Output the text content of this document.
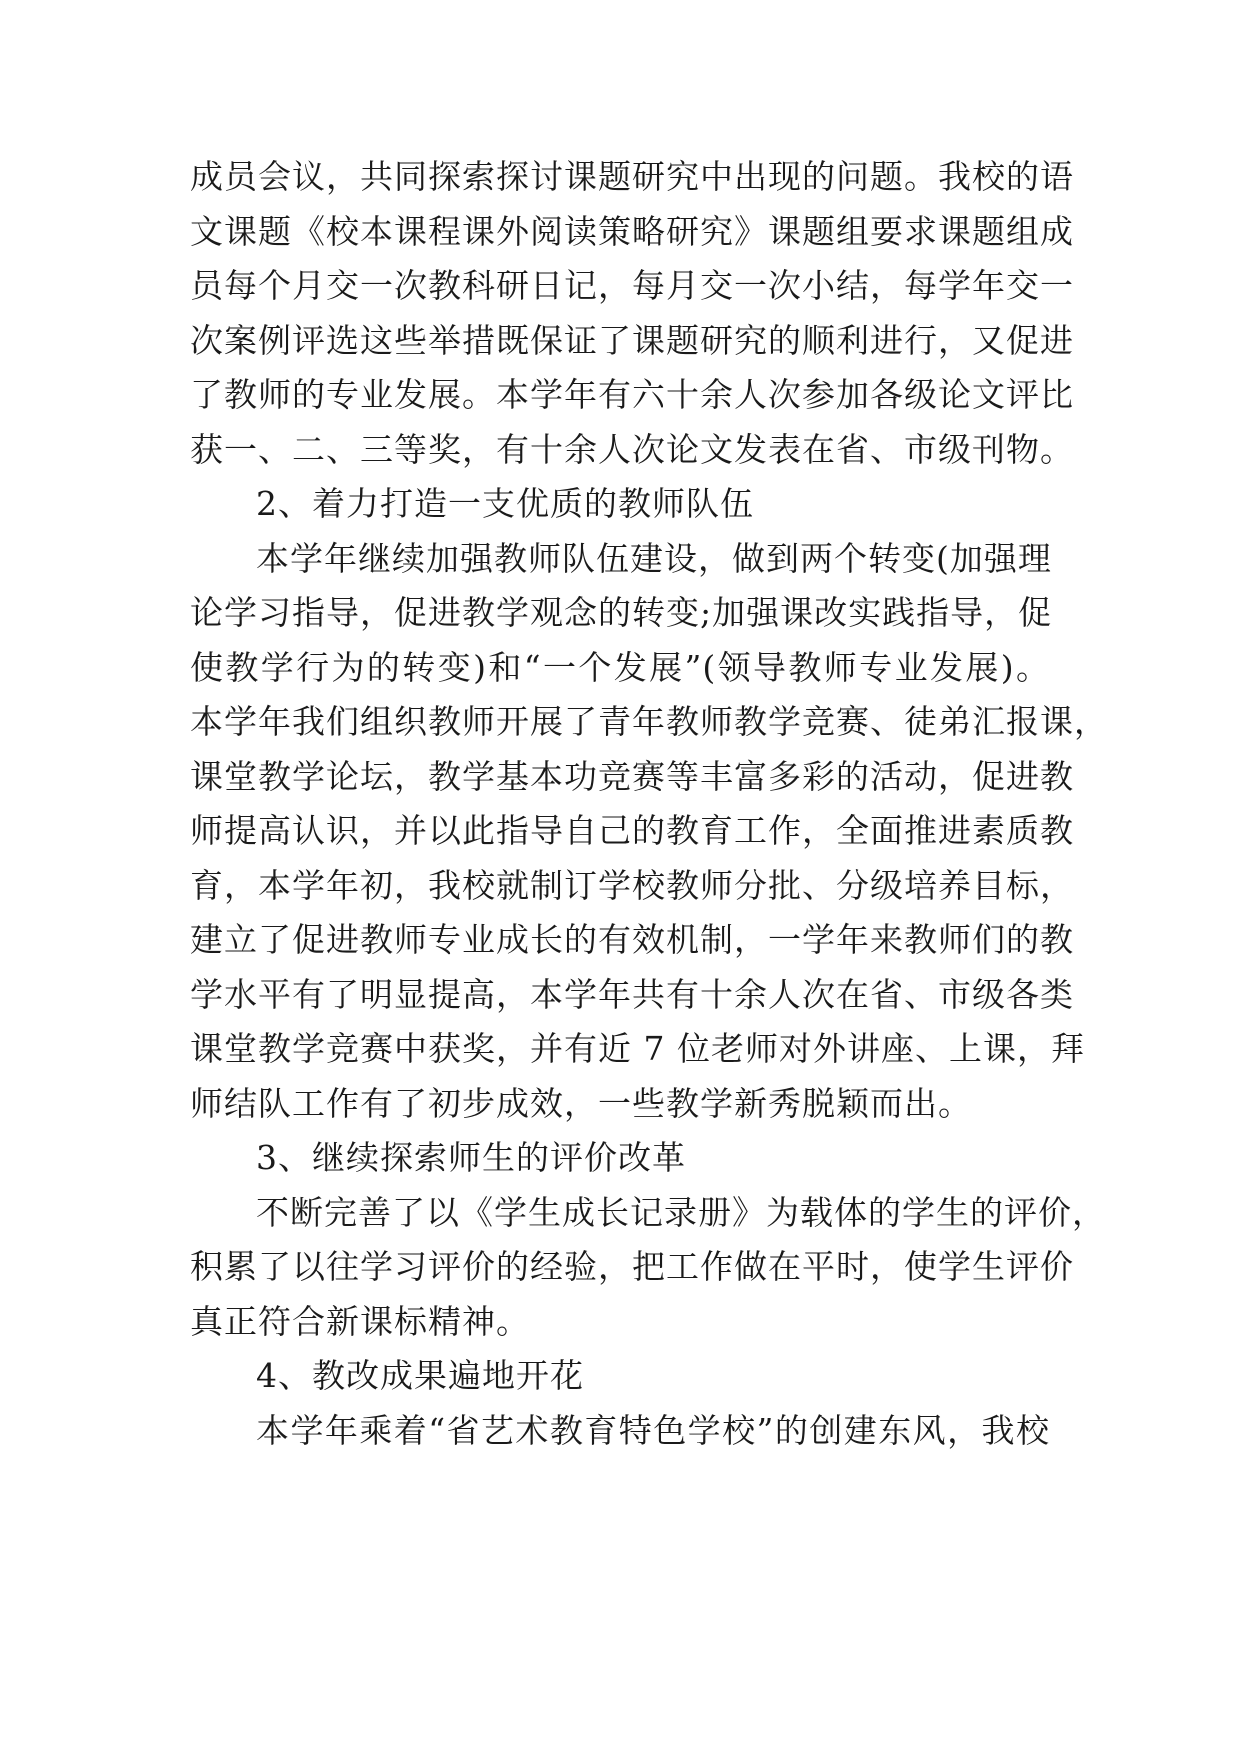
成员会议，共同探索探讨课题研究中出现的问题。我校的语
文课题《校本课程课外阅读策略研究》课题组要求课题组成
员每个月交一次教科研日记，每月交一次小结，每学年交一
次案例评选这些举措既保证了课题研究的顺利进行，又促进
了教师的专业发展。本学年有六十余人次参加各级论文评比
获一、二、三等奖，有十余人次论文发表在省、市级刊物。
2、着力打造一支优质的教师队伍
本学年继续加强教师队伍建设，做到两个转变(加强理
论学习指导，促进教学观念的转变;加强课改实践指导，促
使教学行为的转变)和“一个发展”(领导教师专业发展)。
本学年我们组织教师开展了青年教师教学竞赛、徒弟汇报课，
课堂教学论坛，教学基本功竞赛等丰富多彩的活动，促进教
师提高认识，并以此指导自己的教育工作，全面推进素质教
育，本学年初，我校就制订学校教师分批、分级培养目标，
建立了促进教师专业成长的有效机制，一学年来教师们的教
学水平有了明显提高，本学年共有十余人次在省、市级各类
课堂教学竞赛中获奖，并有近 7 位老师对外讲座、上课，拜
师结队工作有了初步成效，一些教学新秀脱颖而出。
3、继续探索师生的评价改革
不断完善了以《学生成长记录册》为载体的学生的评价，
积累了以往学习评价的经验，把工作做在平时，使学生评价
真正符合新课标精神。
4、教改成果遍地开花
本学年乘着“省艺术教育特色学校”的创建东风，我校
